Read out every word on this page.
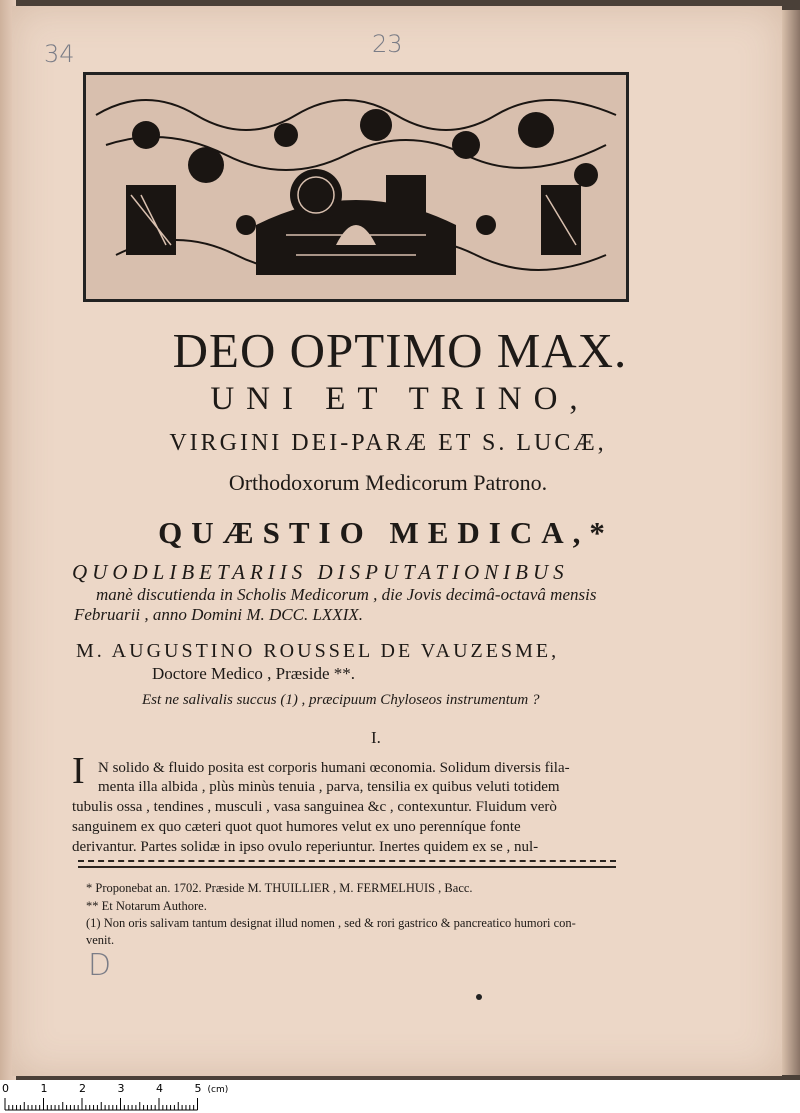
23
34
DEO OPTIMO MAX.
UNI ET TRINO,
VIRGINI DEI-PARÆ ET S. LUCÆ,
Orthodoxorum Medicorum Patrono.
QUÆSTIO MEDICA,*
QUODLIBETARIIS DISPUTATIONIBUS
manè discutienda in Scholis Medicorum , die Jovis decimâ-octavâ mensis
Februarii , anno Domini M. DCC. LXXIX.
M. AUGUSTINO ROUSSEL DE VAUZESME,
Doctore Medico , Præside **.
Est ne salivalis succus (1) , præcipuum Chyloseos instrumentum ?
I.
I N solido & fluido posita est corporis humani œconomia. Solidum diversis fila-
menta illa albida , plùs minùs tenuia , parva, tensilia ex quibus veluti totidem
tubulis ossa , tendines , musculi , vasa sanguinea &c , contexuntur. Fluidum verò
sanguinem ex quo cæteri quot quot humores velut ex uno perenníque fonte
derivantur. Partes solidæ in ipso ovulo reperiuntur. Inertes quidem ex se , nul-
* Proponebat an. 1702. Præside M. THUILLIER , M. FERMELHUIS , Bacc.
** Et Notarum Authore.
(1) Non oris salivam tantum designat illud nomen , sed & rori gastrico & pancreatico humori con-
venit.
D
0	1	2	3	4	5 (cm)
